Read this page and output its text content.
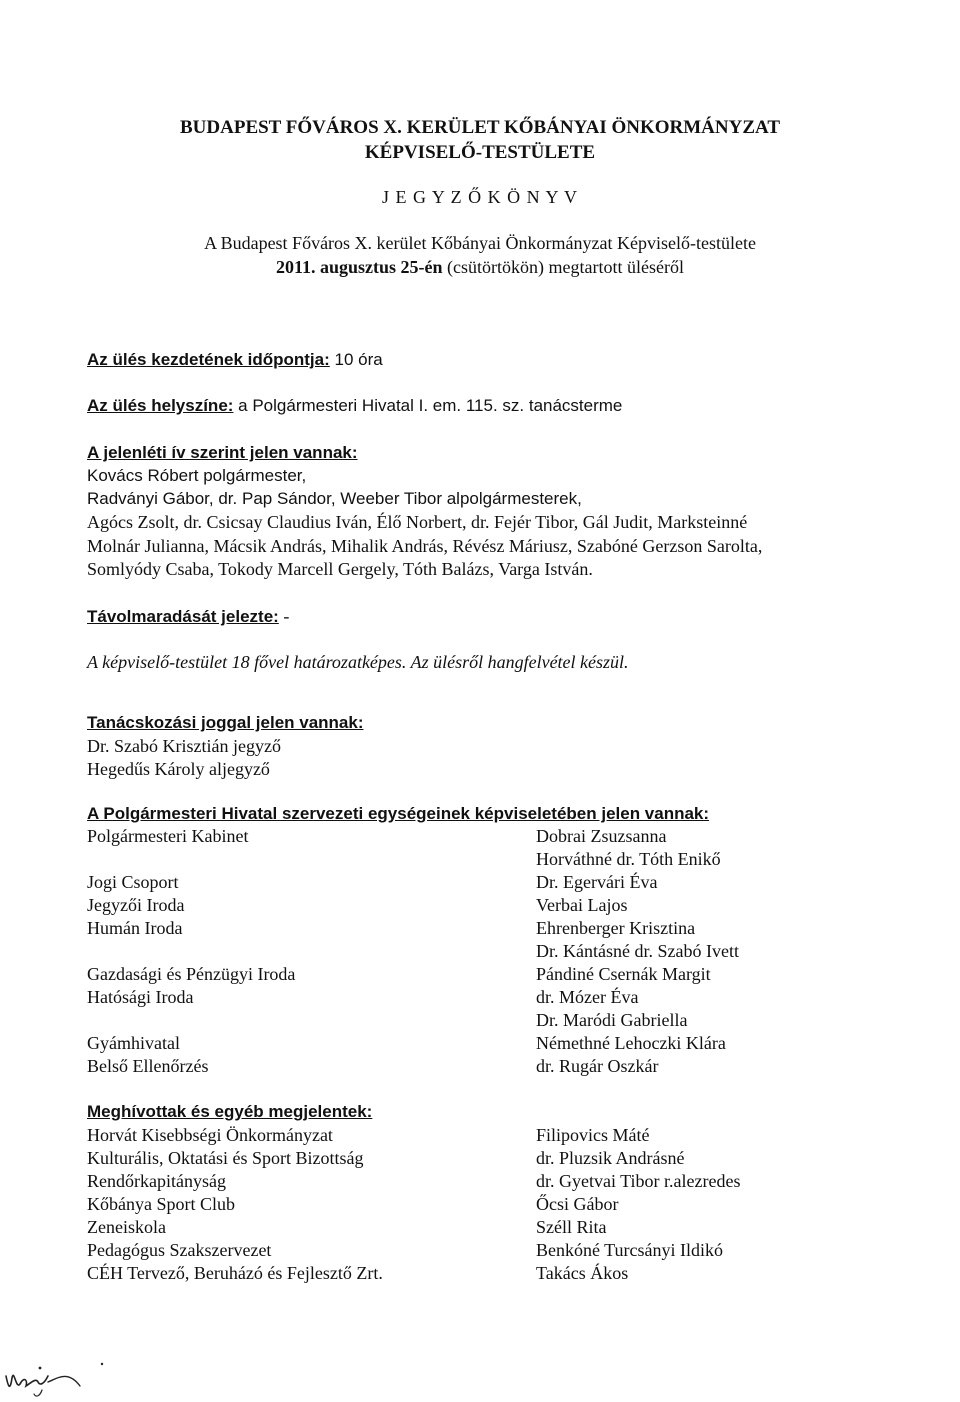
BUDAPEST FŐVÁROS X. KERÜLET KŐBÁNYAI ÖNKORMÁNYZAT
KÉPVISELŐ-TESTÜLETE
J E G Y Z Ő K Ö N Y V
A Budapest Főváros X. kerület Kőbányai Önkormányzat Képviselő-testülete
2011. augusztus 25-én (csütörtökön) megtartott üléséről
Az ülés kezdetének időpontja: 10 óra
Az ülés helyszíne: a Polgármesteri Hivatal I. em. 115. sz. tanácsterme
A jelenléti ív szerint jelen vannak:
Kovács Róbert polgármester,
Radványi Gábor, dr. Pap Sándor, Weeber Tibor alpolgármesterek,
Agócs Zsolt, dr. Csicsay Claudius Iván, Élő Norbert, dr. Fejér Tibor, Gál Judit, Marksteinné
Molnár Julianna, Mácsik András, Mihalik András, Révész Máriusz, Szabóné Gerzson Sarolta,
Somlyódy Csaba, Tokody Marcell Gergely, Tóth Balázs, Varga István.
Távolmaradását jelezte: -
A képviselő-testület 18 fővel határozatképes. Az ülésről hangfelvétel készül.
Tanácskozási joggal jelen vannak:
Dr. Szabó Krisztián jegyző
Hegedűs Károly aljegyző
A Polgármesteri Hivatal szervezeti egységeinek képviseletében jelen vannak:
Polgármesteri Kabinet	Dobrai Zsuzsanna
Horváthné dr. Tóth Enikő
Jogi Csoport	Dr. Egervári Éva
Jegyzői Iroda	Verbai Lajos
Humán Iroda	Ehrenberger Krisztina
Dr. Kántásné dr. Szabó Ivett
Gazdasági és Pénzügyi Iroda	Pándiné Csernák Margit
Hatósági Iroda	dr. Mózer Éva
Dr. Maródi Gabriella
Gyámhivatal	Némethné Lehoczki Klára
Belső Ellenőrzés	dr. Rugár Oszkár
Meghívottak és egyéb megjelentek:
Horvát Kisebbségi Önkormányzat	Filipovics Máté
Kulturális, Oktatási és Sport Bizottság	dr. Pluzsik Andrásné
Rendőrkapitányság	dr. Gyetvai Tibor r.alezredes
Kőbánya Sport Club	Őcsi Gábor
Zeneiskola	Széll Rita
Pedagógus Szakszervezet	Benkóné Turcsányi Ildikó
CÉH Tervező, Beruházó és Fejlesztő Zrt.	Takács Ákos
